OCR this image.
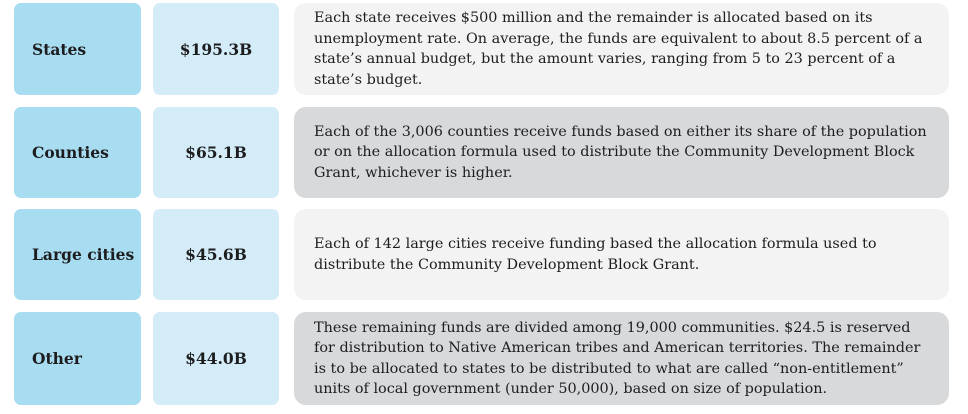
States	$195.3B

Each state receives $500 million and the remainder is allocated based on its unemployment rate. On average, the funds are equivalent to about 8.5 percent of a state’s annual budget, but the amount varies, ranging from 5 to 23 percent of a state’s budget.

Counties	$65.1B

Each of the 3,006 counties receive funds based on either its share of the population or on the allocation formula used to distribute the Community Development Block Grant, whichever is higher.

Large cities	$45.6B

Each of 142 large cities receive funding based the allocation formula used to distribute the Community Development Block Grant.

Other	$44.0B

These remaining funds are divided among 19,000 communities. $24.5 is reserved for distribution to Native American tribes and American territories. The remainder is to be allocated to states to be distributed to what are called “non-entitlement” units of local government (under 50,000), based on size of population.
